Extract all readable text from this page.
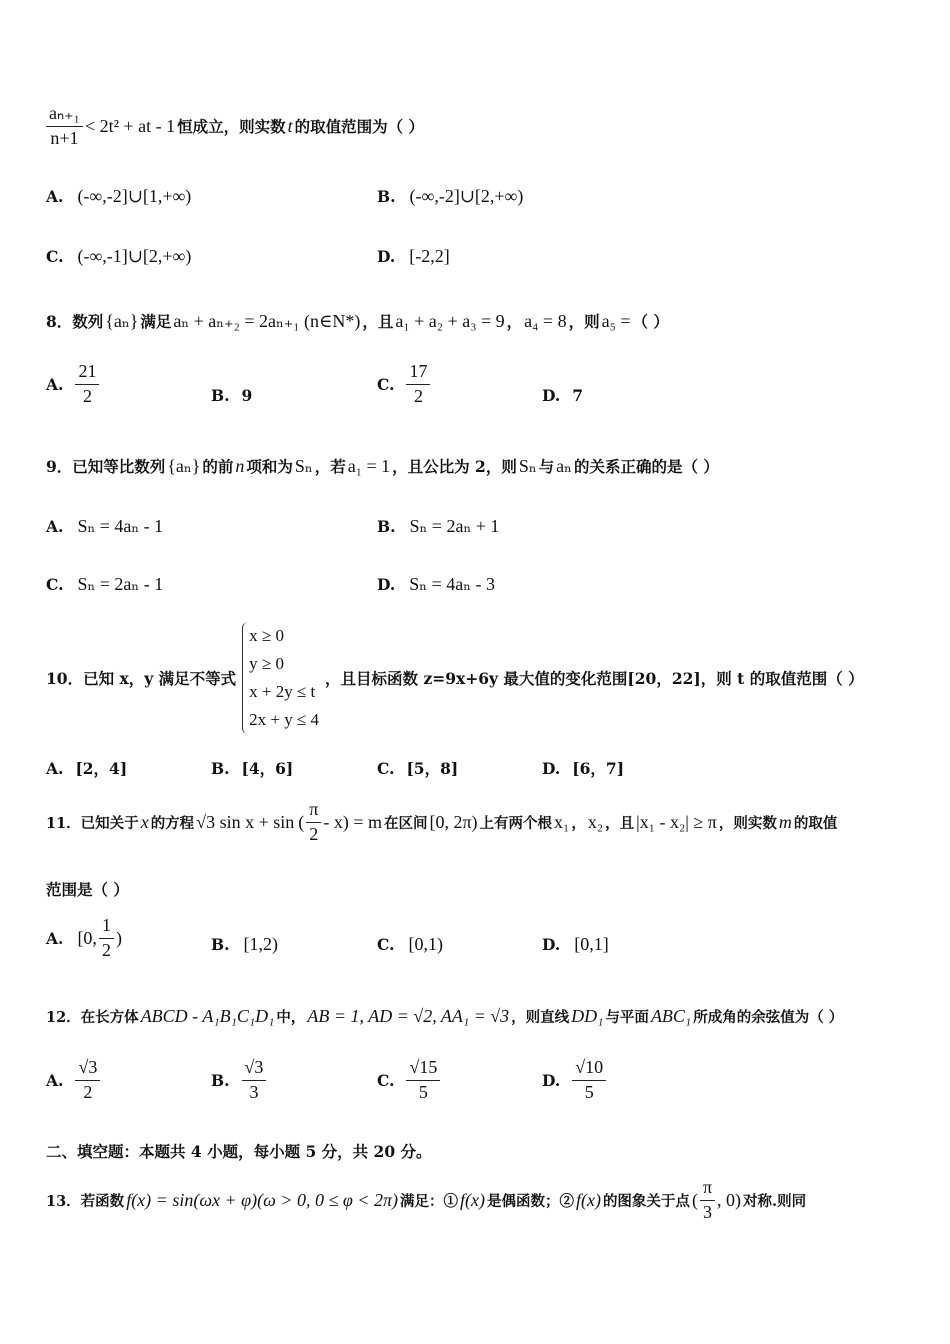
$\frac{\text{aₙ₊₁}}{n+1} < 2t^2$ + at - 1 恒成立，则实数 t 的取值范围为（ ）
A. (-∞,-2]∪[1,+∞)	B. (-∞,-2]∪[2,+∞)
C. (-∞,-1]∪[2,+∞)	D. [-2,2]
8．数列 {aₙ} 满足 aₙ + aₙ₊₂ = 2aₙ₊₁ (n∈N*) ，且 a₁ + a₂ + a₃ = 9 ， a₄ = 8 ，则 a₅ = （ ）
A. $\frac{21}{2}$	B. 9
C. $\frac{17}{2}$	D. 7
9．已知等比数列 {aₙ} 的前 n 项和为 Sₙ ，若 a₁ = 1 ，且公比为 2，则 Sₙ 与 aₙ 的关系正确的是（ ）
A. Sₙ = 4aₙ - 1	B. Sₙ = 2aₙ + 1
C. Sₙ = 2aₙ - 1	D. Sₙ = 4aₙ - 3
10．已知 x，y 满足不等式
x ≥ 0
y ≥ 0
x + 2y ≤ t
2x + y ≤ 4
，且目标函数 z=9x+6y 最大值的变化范围[20，22]，则 t 的取值范围（ ）
A. [2，4]	B. [4，6]	C. [5，8]	D. [6，7]
11．已知关于 x 的方程 √3 sin x + sin ( $\frac{\pi}{2} - x) = m$ 在区间 [0, 2π) 上有两个根 x₁ ， x₂ ，且 |x₁ - x₂| ≥ π ，则实数 m 的取值
范围是（ ）
A. [0, $\frac{1}{2}$ )	B. [1,2)	C. [0,1)	D. [0,1]
12．在长方体 ABCD - A₁B₁C₁D₁ 中， AB = 1, AD = √2, AA₁ = √3 ，则直线 DD₁ 与平面 ABC₁ 所成角的余弦值为（ ）
A. $\frac{√3}{2}$	B. $\frac{√3}{3}$	C. $\frac{√15}{5}$	D. $\frac{√10}{5}$
二、填空题：本题共 4 小题，每小题 5 分，共 20 分。
13．若函数 f(x) = sin(ωx + φ)(ω > 0, 0 ≤ φ < 2π) 满足：① f(x) 是偶函数；② f(x) 的图象关于点 ( $\frac{\pi}{3}$ , 0) 对称.则同
